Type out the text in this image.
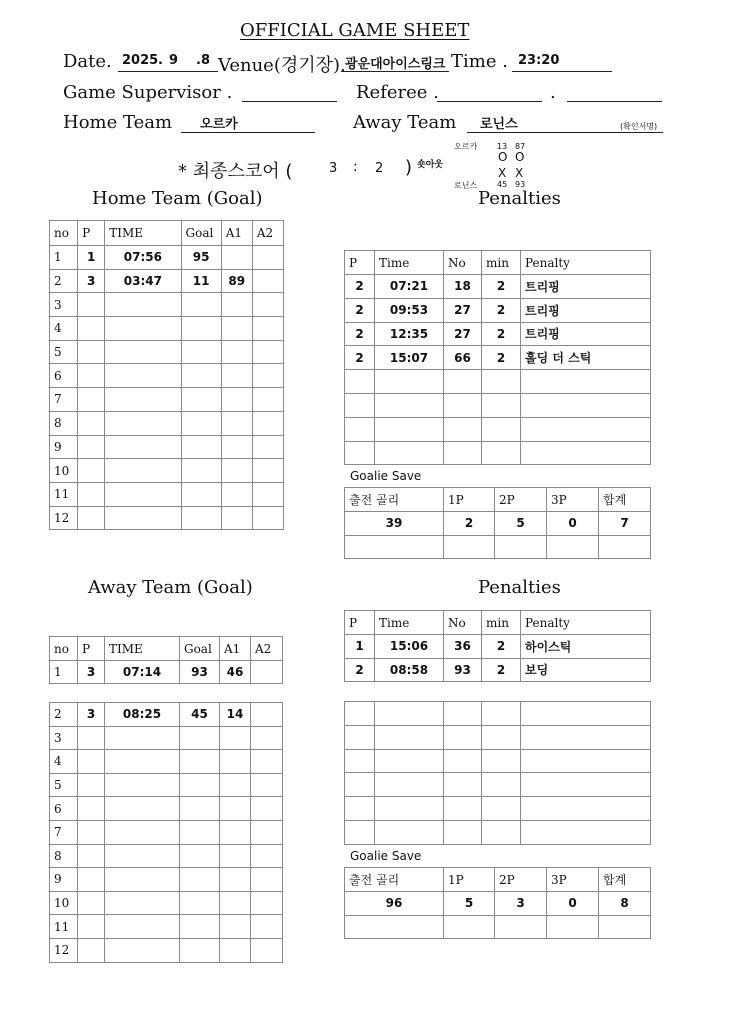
OFFICIAL GAME SHEET
Date. 2025 . 9 . 8 Venue(경기장). 광운대아이스링크 Time . 23:20
Game Supervisor .	Referee .	.
Home Team 오르카	Away Team 로닌스	(확인서명)
* 최종스코어 (	3 : 2 ) 숏아웃
오르카 13 87
O O
X X
로닌스 45 93
Home Team (Goal)	Penalties
Away Team (Goal)	Penalties
no	P	TIME	Goal	A1	A2
1	1	07:56	95		
2	3	03:47	11	89	
3					
4					
5					
6					
7					
8					
9					
10					
11					
12					
P	Time	No	min	Penalty
2	07:21	18	2	트리핑
2	09:53	27	2	트리핑
2	12:35	27	2	트리핑
2	15:07	66	2	홀딩 더 스틱

Goalie Save
출전 골리	1P	2P	3P	합계
39	2	5	0	7

no	P	TIME	Goal	A1	A2
1	3	07:14	93	46	
2	3	08:25	45	14	
3					
4					
5					
6					
7					
8					
9					
10					
11					
12					
P	Time	No	min	Penalty
1	15:06	36	2	하이스틱
2	08:58	93	2	보딩

Goalie Save
출전 골리	1P	2P	3P	합계
96	5	3	0	8
